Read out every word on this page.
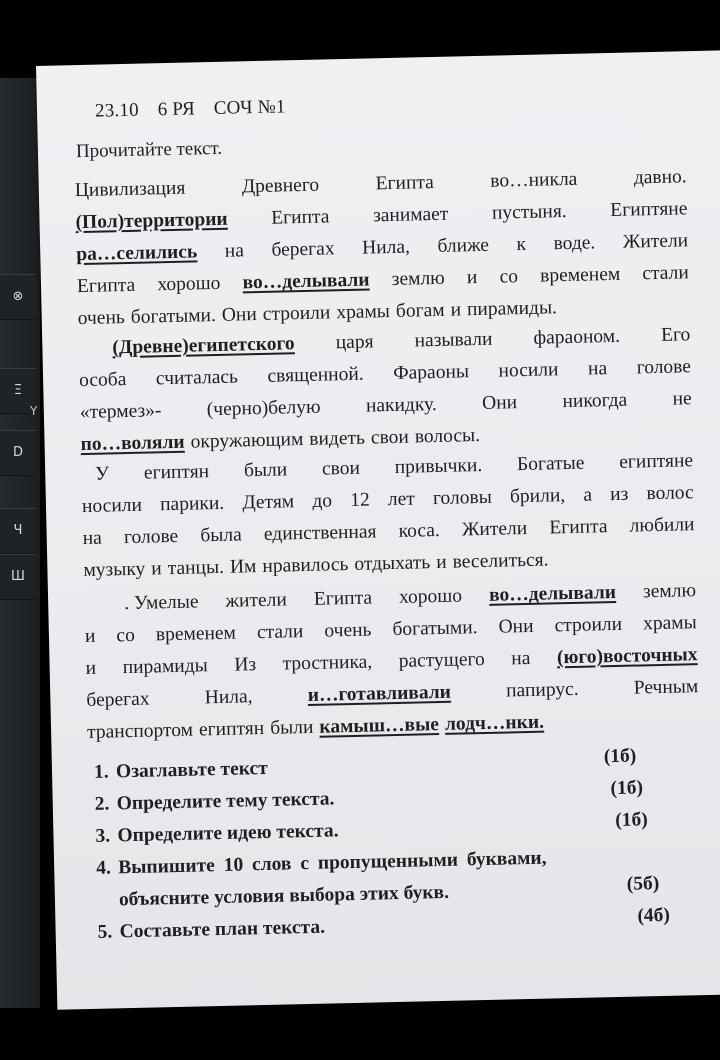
⊗
Ξ
D
Ч
Ш
Y
23.10 6 РЯ СОЧ №1
Прочитайте текст.
Цивилизация	Древнего	Египта	во…никла	давно.
(Пол)территории Египта занимает пустыня. Египтяне
ра…селились на берегах Нила, ближе к воде. Жители
Египта хорошо во…делывали землю и со временем стали
очень богатыми. Они строили храмы богам и пирамиды.
(Древне)египетского царя называли фараоном. Его
особа считалась священной. Фараоны носили на голове
«термез»- (черно)белую накидку. Они никогда не
по…воляли окружающим видеть свои волосы.
У египтян были свои привычки. Богатые египтяне
носили парики. Детям до 12 лет головы брили, а из волос
на голове была единственная коса. Жители Египта любили
музыку и танцы. Им нравилось отдыхать и веселиться.
. Умелые жители Египта хорошо во…делывали землю
и со временем стали очень богатыми. Они строили храмы
и пирамиды Из тростника, растущего на (юго)восточных
берегах	Нила,	и…готавливали	папирус.	Речным
транспортом египтян были камыш…вые лодч…нки.
1. Озаглавьте текст
(1б)
2. Определите тему текста.
(1б)
3. Определите идею текста.
(1б)
4. Выпишите 10 слов с пропущенными буквами,
объясните условия выбора этих букв.	(5б)
5. Составьте план текста.
(4б)
